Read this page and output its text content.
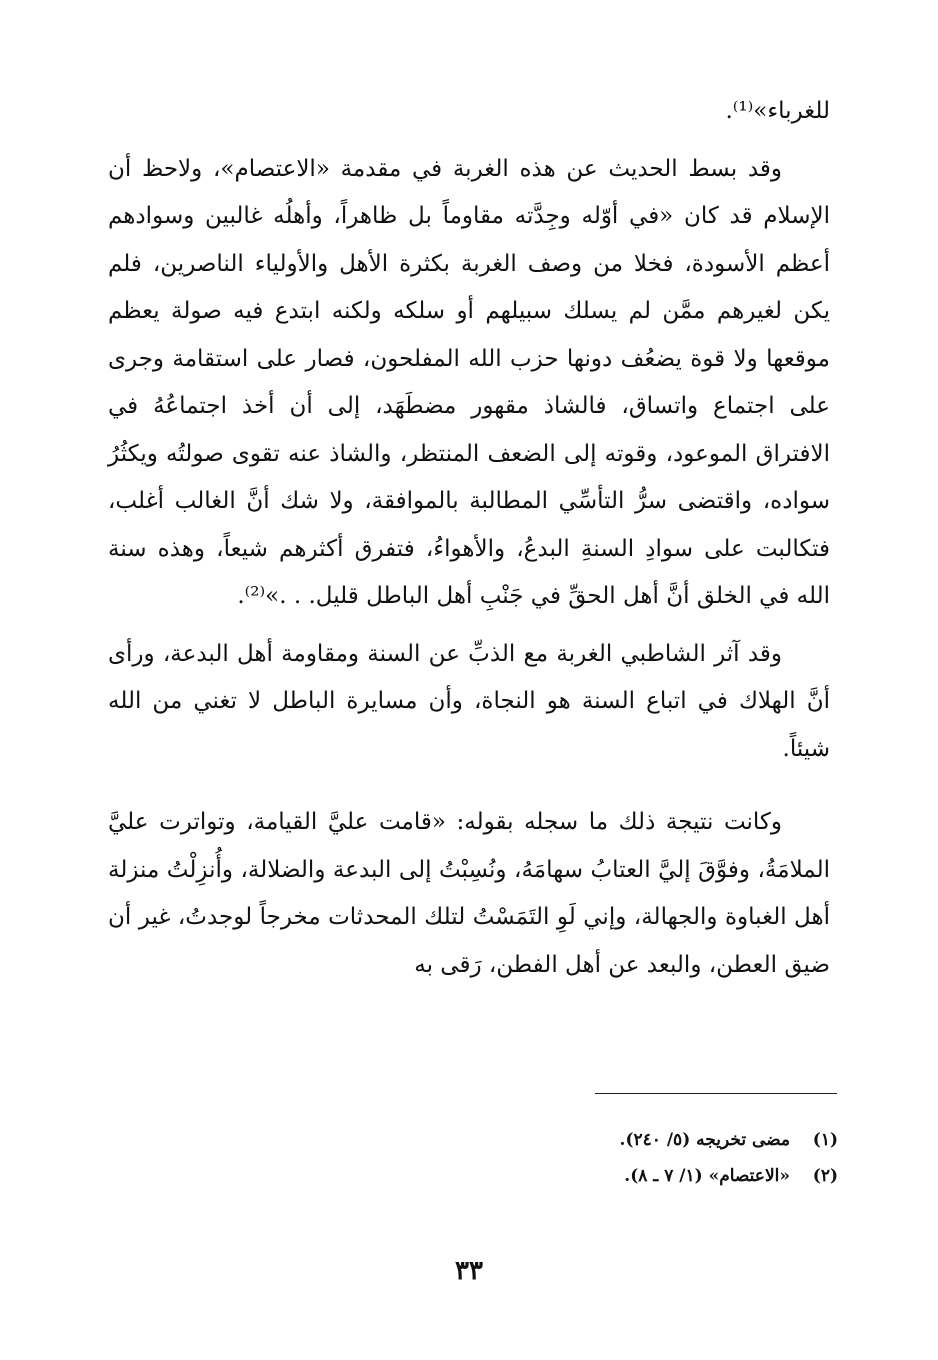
للغرباء»⁽¹⁾.

وقد بسط الحديث عن هذه الغربة في مقدمة «الاعتصام»، ولاحظ أن الإسلام قد كان «في أوّله وجِدَّته مقاوماً بل ظاهراً، وأهلُه غالبين وسوادهم أعظم الأسودة، فخلا من وصف الغربة بكثرة الأهل والأولياء الناصرين، فلم يكن لغيرهم ممَّن لم يسلك سبيلهم أو سلكه ولكنه ابتدع فيه صولة يعظم موقعها ولا قوة يضعُف دونها حزب الله المفلحون، فصار على استقامة وجرى على اجتماع واتساق، فالشاذ مقهور مضطَهَد، إلى أن أخذ اجتماعُهُ في الافتراق الموعود، وقوته إلى الضعف المنتظر، والشاذ عنه تقوى صولتُه ويكثُرُ سواده، واقتضى سرُّ التأسِّي المطالبة بالموافقة، ولا شك أنَّ الغالب أغلب، فتكالبت على سوادِ السنةِ البدعُ، والأهواءُ، فتفرق أكثرهم شيعاً، وهذه سنة الله في الخلق أنَّ أهل الحقِّ في جَنْبِ أهل الباطل قليل. . .»⁽²⁾.

وقد آثر الشاطبي الغربة مع الذبِّ عن السنة ومقاومة أهل البدعة، ورأى أنَّ الهلاك في اتباع السنة هو النجاة، وأن مسايرة الباطل لا تغني من الله شيئاً.

وكانت نتيجة ذلك ما سجله بقوله: «قامت عليَّ القيامة، وتواترت عليَّ الملامَةُ، وفوَّقَ إليَّ العتابُ سهامَهُ، ونُسِبْتُ إلى البدعة والضلالة، وأُنزِلْتُ منزلة أهل الغباوة والجهالة، وإني لَوِ التَمَسْتُ لتلك المحدثات مخرجاً لوجدتُ، غير أن ضيق العطن، والبعد عن أهل الفطن، رَقى به

(١)
مضى تخريجه (٥/ ٢٤٠).
(٢)
«الاعتصام» (١/ ٧ ـ ٨).
٣٣
